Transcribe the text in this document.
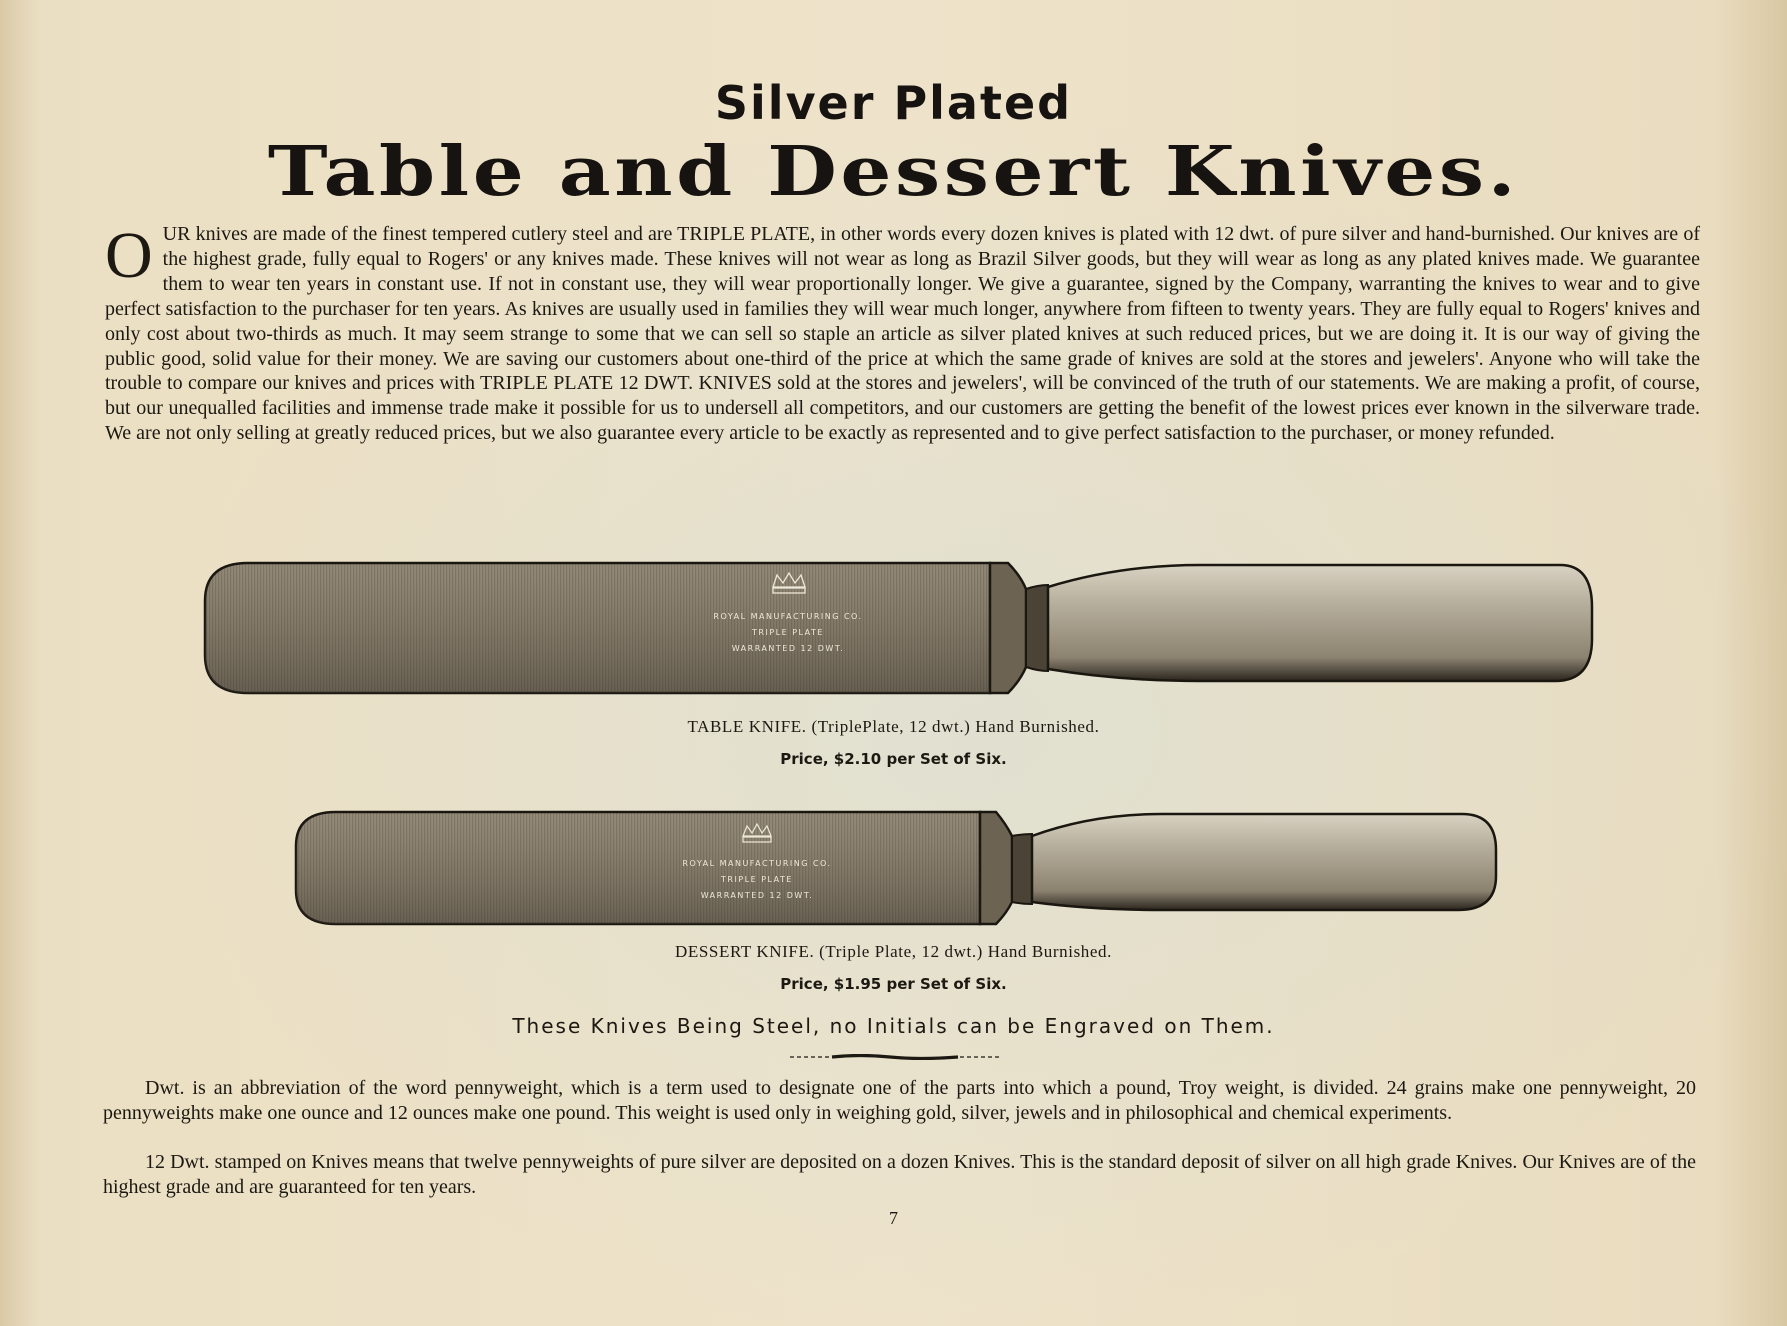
Silver Plated
Table and Dessert Knives.

OUR knives are made of the finest tempered cutlery steel and are TRIPLE PLATE, in other words every dozen knives is plated with 12 dwt. of pure silver and hand-burnished. Our knives are of the highest grade, fully equal to Rogers' or any knives made. These knives will not wear as long as Brazil Silver goods, but they will wear as long as any plated knives made. We guarantee them to wear ten years in constant use. If not in constant use, they will wear proportionally longer. We give a guarantee, signed by the Company, warranting the knives to wear and to give perfect satisfaction to the purchaser for ten years. As knives are usually used in families they will wear much longer, anywhere from fifteen to twenty years. They are fully equal to Rogers' knives and only cost about two-thirds as much. It may seem strange to some that we can sell so staple an article as silver plated knives at such reduced prices, but we are doing it. It is our way of giving the public good, solid value for their money. We are saving our customers about one-third of the price at which the same grade of knives are sold at the stores and jewelers'. Anyone who will take the trouble to compare our knives and prices with TRIPLE PLATE 12 DWT. KNIVES sold at the stores and jewelers', will be convinced of the truth of our statements. We are making a profit, of course, but our unequalled facilities and immense trade make it possible for us to undersell all competitors, and our customers are getting the benefit of the lowest prices ever known in the silverware trade. We are not only selling at greatly reduced prices, but we also guarantee every article to be exactly as represented and to give perfect satisfaction to the purchaser, or money refunded.

ROYAL MANUFACTURING CO.
TRIPLE PLATE
WARRANTED 12 DWT.
TABLE KNIFE. (TriplePlate, 12 dwt.) Hand Burnished.
Price, $2.10 per Set of Six.
ROYAL MANUFACTURING CO.
TRIPLE PLATE
WARRANTED 12 DWT.
DESSERT KNIFE. (Triple Plate, 12 dwt.) Hand Burnished.
Price, $1.95 per Set of Six.
These Knives Being Steel, no Initials can be Engraved on Them.

Dwt. is an abbreviation of the word pennyweight, which is a term used to designate one of the parts into which a pound, Troy weight, is divided. 24 grains make one pennyweight, 20 pennyweights make one ounce and 12 ounces make one pound. This weight is used only in weighing gold, silver, jewels and in philosophical and chemical experiments.

12 Dwt. stamped on Knives means that twelve pennyweights of pure silver are deposited on a dozen Knives. This is the standard deposit of silver on all high grade Knives. Our Knives are of the highest grade and are guaranteed for ten years.

7
